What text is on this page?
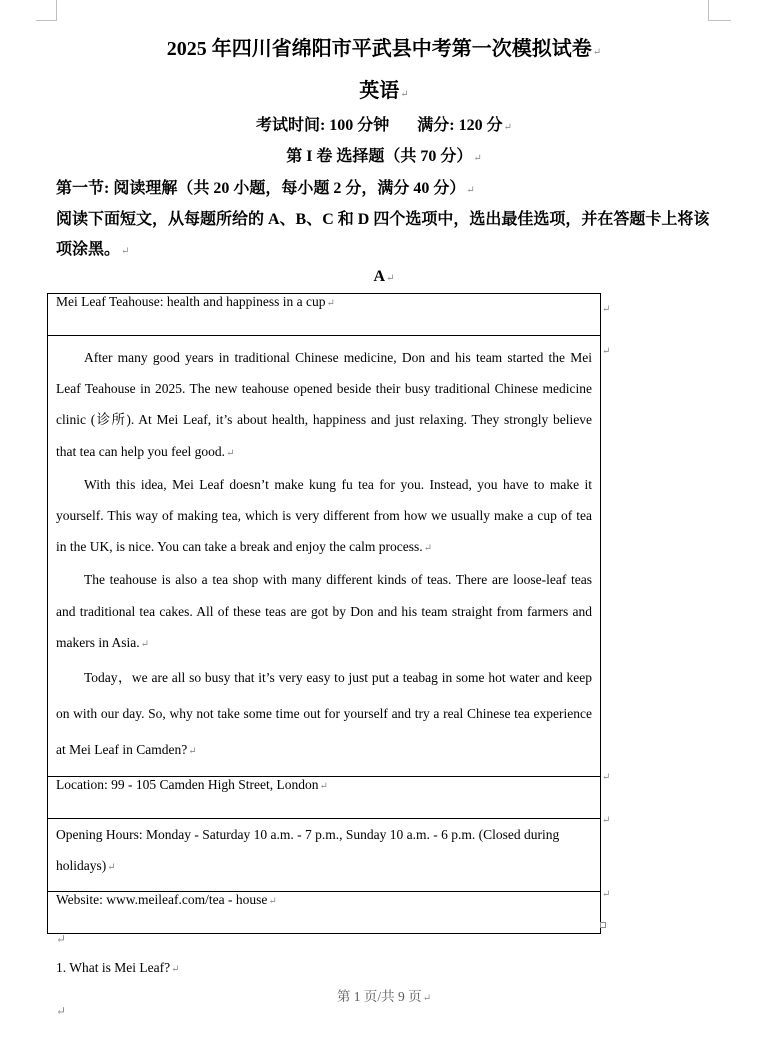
2025 年四川省绵阳市平武县中考第一次模拟试卷↵
英语↵
考试时间: 100 分钟 满分: 120 分↵
第 I 卷 选择题（共 70 分）↵
第一节: 阅读理解（共 20 小题，每小题 2 分，满分 40 分）↵
阅读下面短文，从每题所给的 A、B、C 和 D 四个选项中，选出最佳选项，并在答题卡上将该项涂黑。↵
A↵
Mei Leaf Teahouse: health and happiness in a cup↵

After many good years in traditional Chinese medicine, Don and his team started the Mei Leaf Teahouse in 2025. The new teahouse opened beside their busy traditional Chinese medicine clinic (诊所). At Mei Leaf, it’s about health, happiness and just relaxing. They strongly believe that tea can help you feel good.↵

With this idea, Mei Leaf doesn’t make kung fu tea for you. Instead, you have to make it yourself. This way of making tea, which is very different from how we usually make a cup of tea in the UK, is nice. You can take a break and enjoy the calm process.↵

The teahouse is also a tea shop with many different kinds of teas. There are loose-leaf teas and traditional tea cakes. All of these teas are got by Don and his team straight from farmers and makers in Asia.↵

Today，we are all so busy that it’s very easy to just put a teabag in some hot water and keep on with our day. So, why not take some time out for yourself and try a real Chinese tea experience at Mei Leaf in Camden?↵

Location: 99 - 105 Camden High Street, London↵
Opening Hours: Monday - Saturday 10 a.m. - 7 p.m., Sunday 10 a.m. - 6 p.m. (Closed during holidays)↵
Website: www.meileaf.com/tea - house↵
↵
↵
↵
↵
↵
↵
1. What is Mei Leaf?↵
第 1 页/共 9 页↵
↵
